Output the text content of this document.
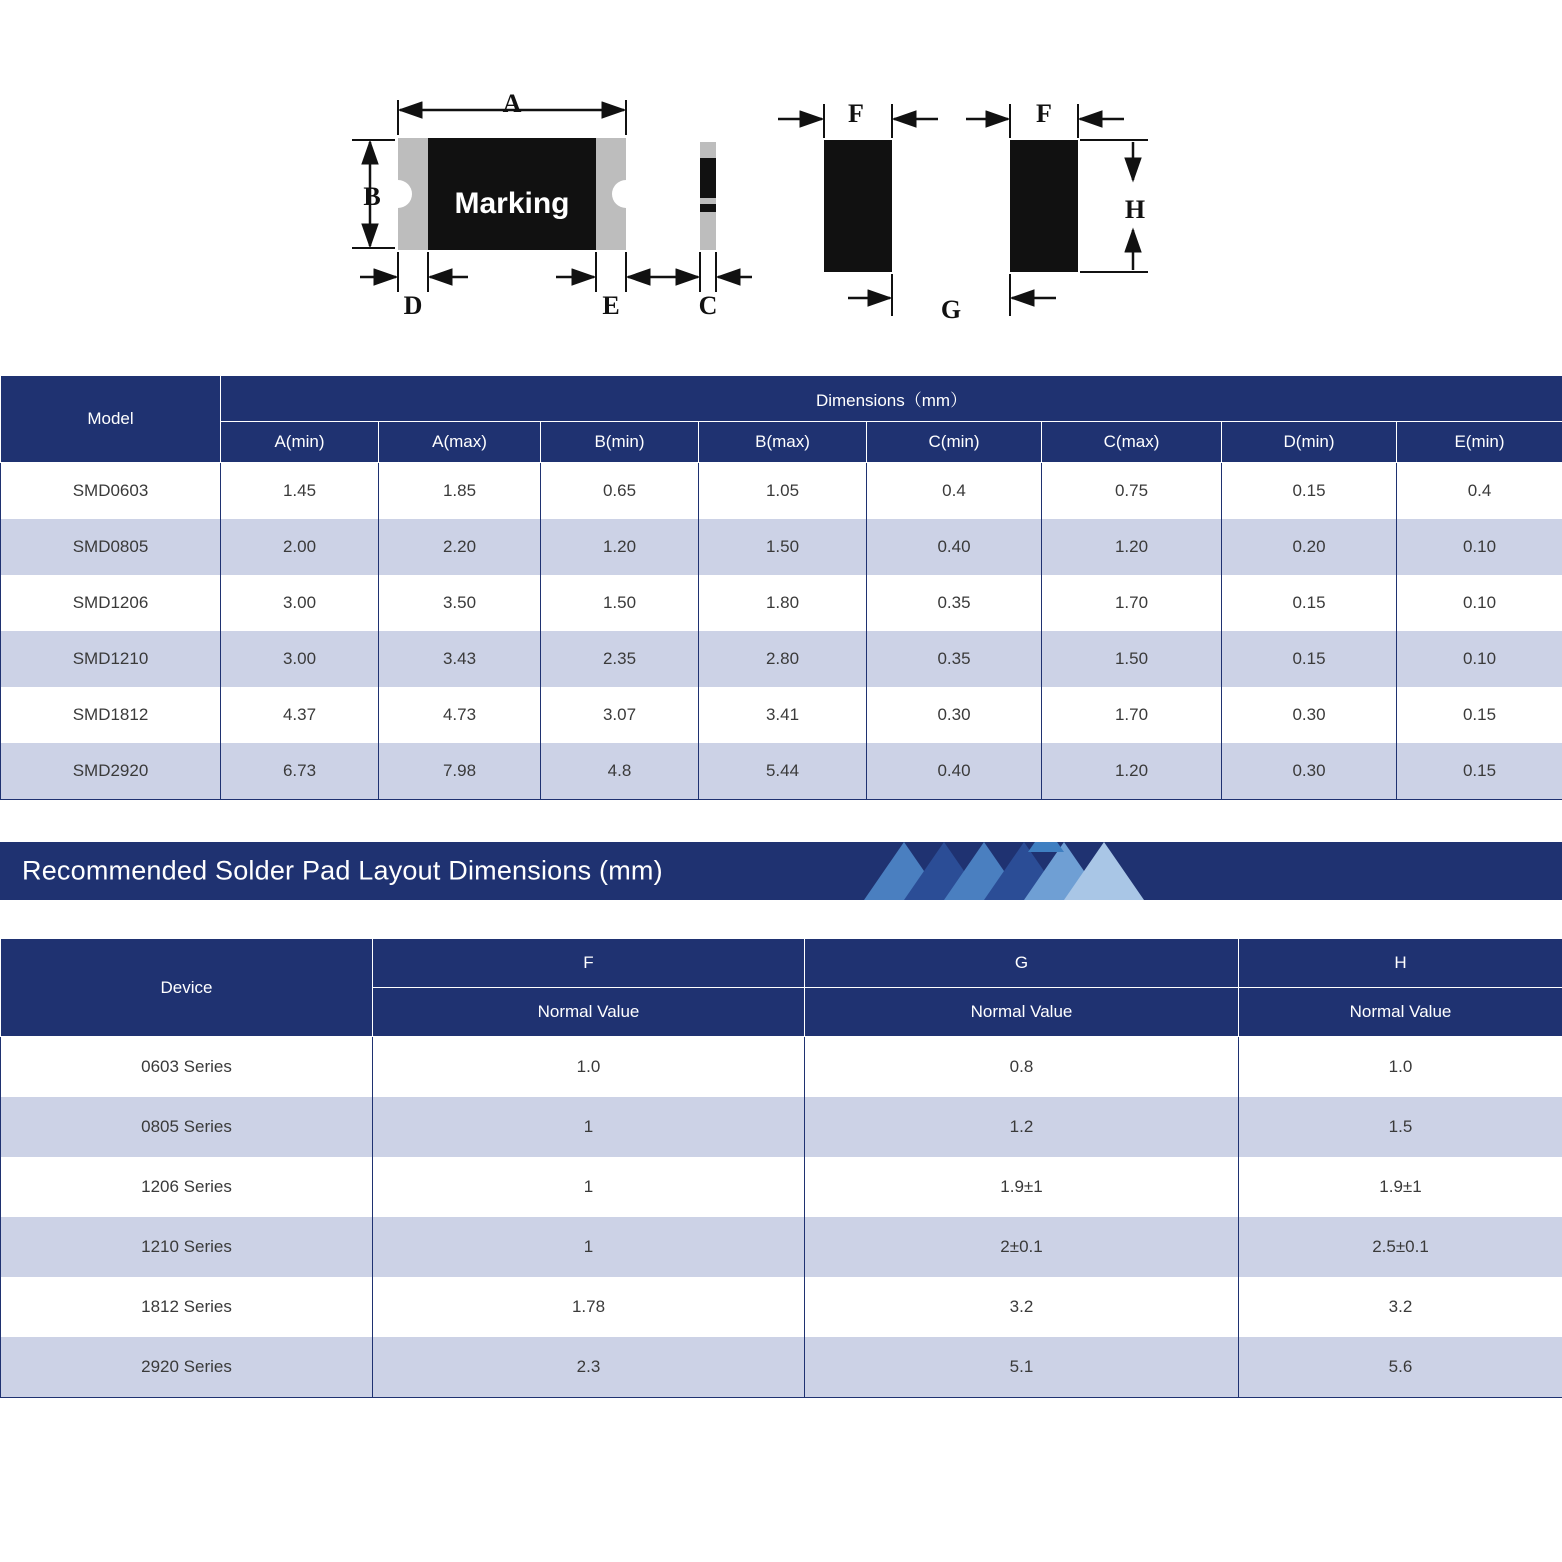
Marking
A
B
D	E	C
F	F
G
H
Model	Dimensions（mm）							
	A(min)	A(max)	B(min)	B(max)	C(min)	C(max)	D(min)	E(min)
SMD0603	1.45	1.85	0.65	1.05	0.4	0.75	0.15	0.4
SMD0805	2.00	2.20	1.20	1.50	0.40	1.20	0.20	0.10
SMD1206	3.00	3.50	1.50	1.80	0.35	1.70	0.15	0.10
SMD1210	3.00	3.43	2.35	2.80	0.35	1.50	0.15	0.10
SMD1812	4.37	4.73	3.07	3.41	0.30	1.70	0.30	0.15
SMD2920	6.73	7.98	4.8	5.44	0.40	1.20	0.30	0.15
Recommended Solder Pad Layout Dimensions (mm)
Device	F	G	H
	Normal Value	Normal Value	Normal Value
0603 Series	1.0	0.8	1.0
0805 Series	1	1.2	1.5
1206 Series	1	1.9±1	1.9±1
1210 Series	1	2±0.1	2.5±0.1
1812 Series	1.78	3.2	3.2
2920 Series	2.3	5.1	5.6
